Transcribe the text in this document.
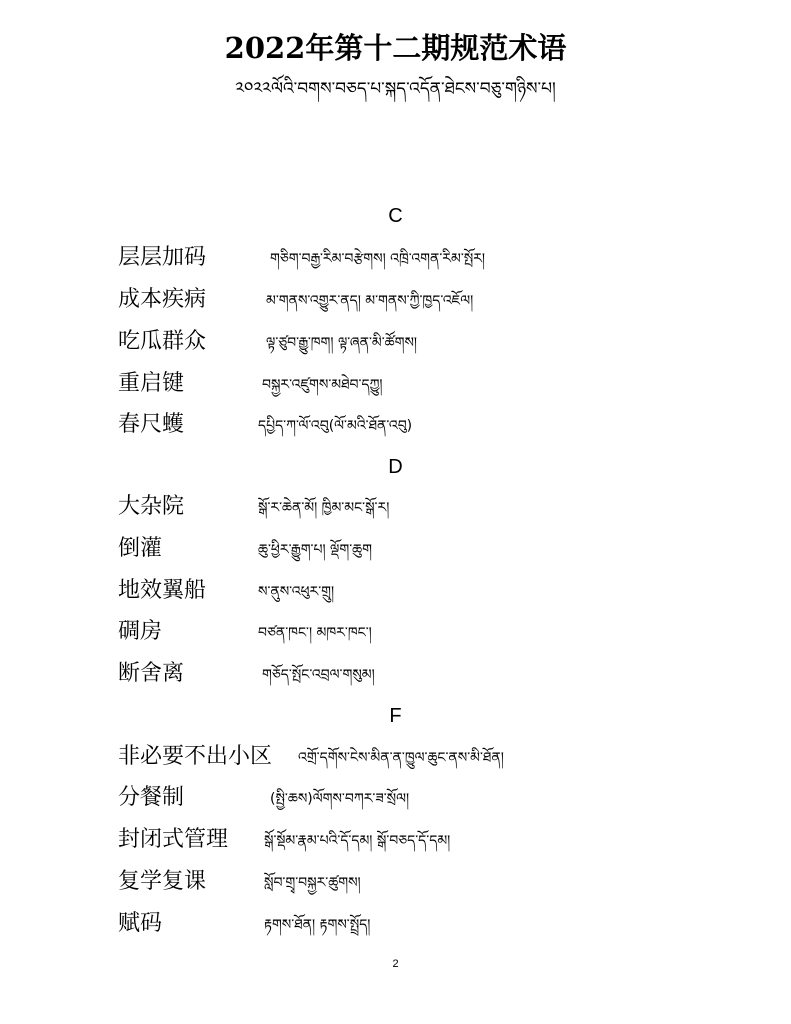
2022年第十二期规范术语
༢༠༢༢ལོའི་བགས་བཅད་པ་སྐད་འདོན་ཐེངས་བཅུ་གཉིས་པ།
C
层层加码	གཅིག་བརྒྱ་རིམ་བརྩེགས། འཁྲི་འགན་རིམ་སྤོར།
成本疾病	མ་གནས་འགྱུར་ནད། མ་གནས་ཀྱི་ཁྱད་འཇོལ།
吃瓜群众	ལྟ་ཙུབ་རྒྱུ་ཁག། ལྟ་ཞན་མི་ཚོགས།
重启键	བསྐྱར་འཛུགས་མཐེབ་དཀྱུ།
春尺蠖	དཔྱིད་ཀ་ལོ་འབུ(ལོ་མའི་ཐོན་འབུ)
D
大杂院	སྒོ་ར་ཆེན་མོ། ཁྱིམ་མང་སྒོ་ར།
倒灌	ཆུ་ཕྱིར་རྒྱུག་པ། ལྡོག་ཆུག
地效翼船	ས་ནུས་འཕུར་གྲུ།
碉房	བཙན་ཁང་། མཁར་ཁང་།
断舍离	གཅོད་སྤོང་འབྲལ་གསུམ།
F
非必要不出小区 འགྲོ་དགོས་ངེས་མིན་ན་ཁྱུལ་ཆུང་ནས་མི་ཐོན།
分餐制	(སྤྱི་ཆས)ལོགས་བཀར་ཟ་སྲོལ།
封闭式管理	སྒོ་སྡོམ་རྣམ་པའི་དོ་དམ། སྒོ་བཅད་དོ་དམ།
复学复课	སློབ་གྲྭ་བསྐྱར་ཚུགས།
赋码	རྟགས་ཐོན། རྟགས་སྤྲོད།
2
